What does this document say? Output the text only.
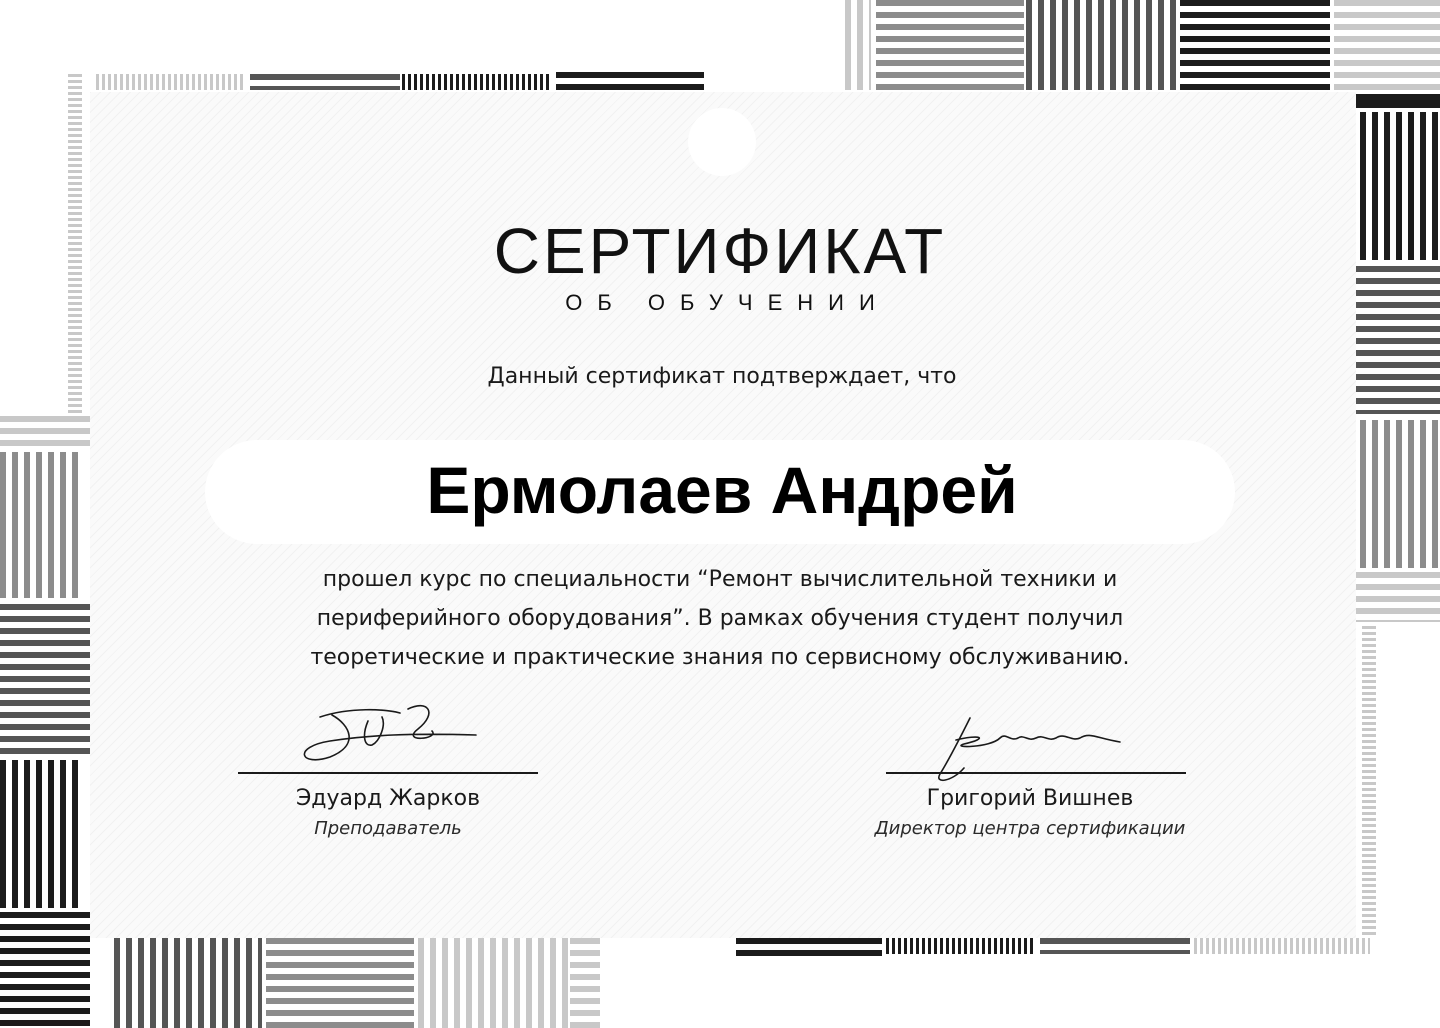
СЕРТИФИКАТ
ОБ ОБУЧЕНИИ
Данный сертификат подтверждает, что
Ермолаев Андрей
прошел курс по специальности “Ремонт вычислительной техники и
периферийного оборудования”. В рамках обучения студент получил
теоретические и практические знания по сервисному обслуживанию.
Эдуард Жарков
Преподаватель
Григорий Вишнев
Директор центра сертификации
